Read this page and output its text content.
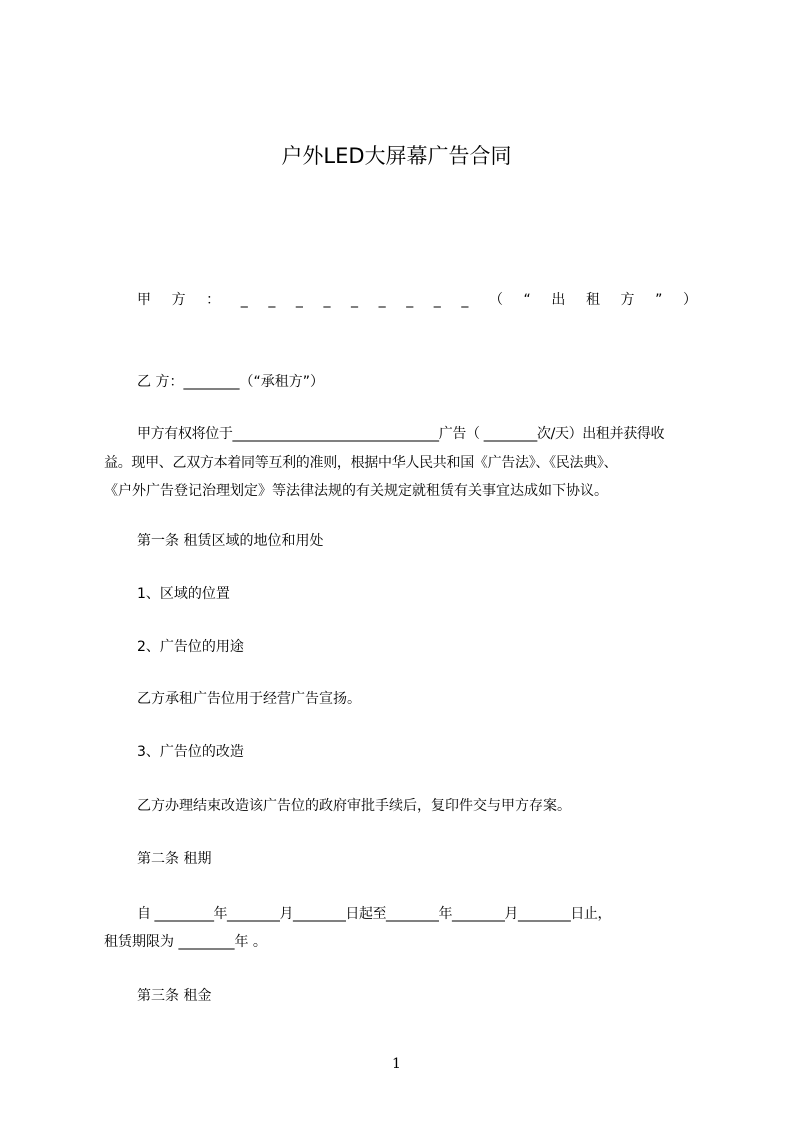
户外LED大屏幕广告合同
甲 方 ： _ _ _ _ _ _ _ _ _ （ “ 出 租 方 ” ）
乙 方：________（“承租方”）
甲方有权将位于_______________________________广告（ ________次/天）出租并获得收
益。现甲、乙双方本着同等互利的准则，根据中华人民共和国《广告法》、《民法典》、
《户外广告登记治理划定》等法律法规的有关规定就租赁有关事宜达成如下协议。
第一条 租赁区域的地位和用处
1、区域的位置
2、广告位的用途
乙方承租广告位用于经营广告宣扬。
3、广告位的改造
乙方办理结束改造该广告位的政府审批手续后，复印件交与甲方存案。
第二条 租期
自 _________年________月________日起至________年________月________日止，
租赁期限为 ________年 。
第三条 租金
1
